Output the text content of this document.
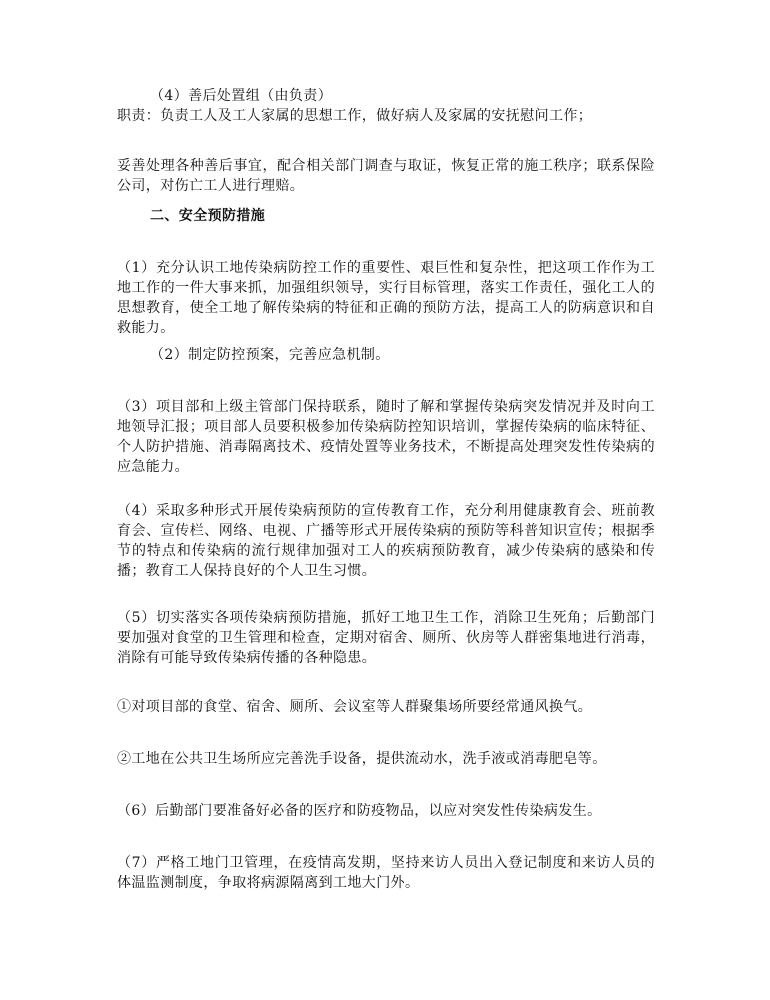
（4）善后处置组（由负责）
职责：负责工人及工人家属的思想工作，做好病人及家属的安抚慰问工作；
妥善处理各种善后事宜，配合相关部门调查与取证，恢复正常的施工秩序；联系保险公司，对伤亡工人进行理赔。
二、安全预防措施
（1）充分认识工地传染病防控工作的重要性、艰巨性和复杂性，把这项工作作为工地工作的一件大事来抓，加强组织领导，实行目标管理，落实工作责任，强化工人的思想教育，使全工地了解传染病的特征和正确的预防方法，提高工人的防病意识和自救能力。
（2）制定防控预案，完善应急机制。
（3）项目部和上级主管部门保持联系，随时了解和掌握传染病突发情况并及时向工地领导汇报；项目部人员要积极参加传染病防控知识培训，掌握传染病的临床特征、个人防护措施、消毒隔离技术、疫情处置等业务技术，不断提高处理突发性传染病的应急能力。
（4）采取多种形式开展传染病预防的宣传教育工作，充分利用健康教育会、班前教育会、宣传栏、网络、电视、广播等形式开展传染病的预防等科普知识宣传；根据季节的特点和传染病的流行规律加强对工人的疾病预防教育，减少传染病的感染和传播；教育工人保持良好的个人卫生习惯。
（5）切实落实各项传染病预防措施，抓好工地卫生工作，消除卫生死角；后勤部门要加强对食堂的卫生管理和检查，定期对宿舍、厕所、伙房等人群密集地进行消毒，消除有可能导致传染病传播的各种隐患。
①对项目部的食堂、宿舍、厕所、会议室等人群聚集场所要经常通风换气。
②工地在公共卫生场所应完善洗手设备，提供流动水，洗手液或消毒肥皂等。
（6）后勤部门要准备好必备的医疗和防疫物品，以应对突发性传染病发生。
（7）严格工地门卫管理，在疫情高发期，坚持来访人员出入登记制度和来访人员的体温监测制度，争取将病源隔离到工地大门外。
